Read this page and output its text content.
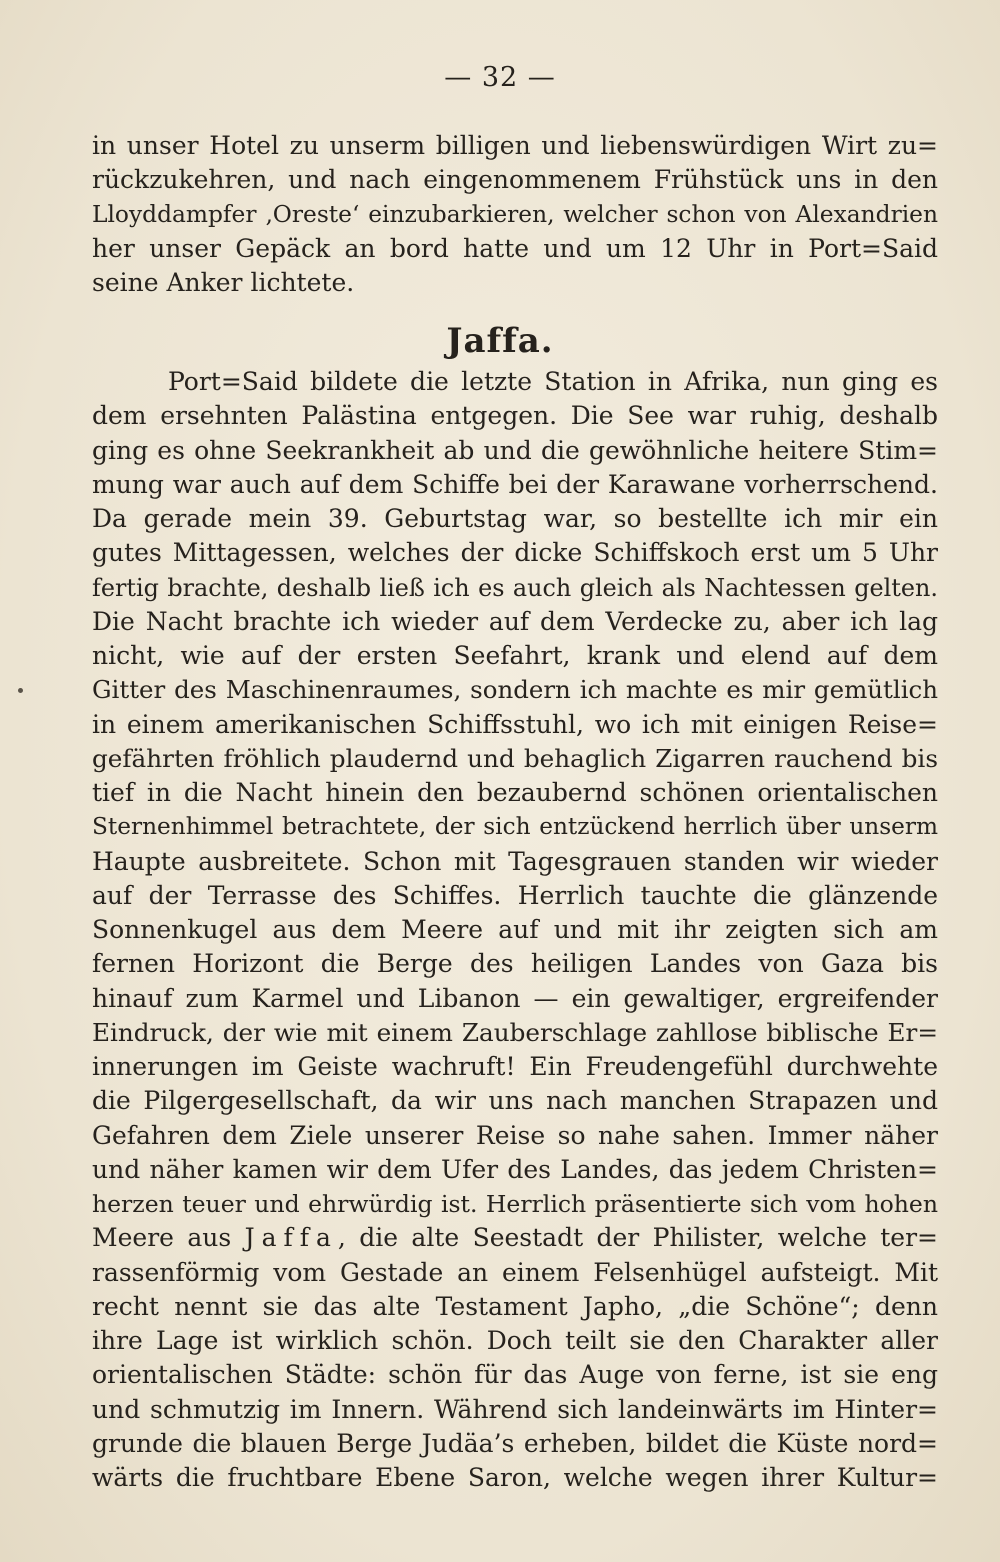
— 32 —
in unser Hotel zu unserm billigen und liebenswürdigen Wirt zu=
rückzukehren, und nach eingenommenem Frühstück uns in den
Lloyddampfer ‚Oreste‘ einzubarkieren, welcher schon von Alexandrien
her unser Gepäck an bord hatte und um 12 Uhr in Port=Said
seine Anker lichtete.
Jaffa.
Port=Said bildete die letzte Station in Afrika, nun ging es
dem ersehnten Palästina entgegen. Die See war ruhig, deshalb
ging es ohne Seekrankheit ab und die gewöhnliche heitere Stim=
mung war auch auf dem Schiffe bei der Karawane vorherrschend.
Da gerade mein 39. Geburtstag war, so bestellte ich mir ein
gutes Mittagessen, welches der dicke Schiffskoch erst um 5 Uhr
fertig brachte, deshalb ließ ich es auch gleich als Nachtessen gelten.
Die Nacht brachte ich wieder auf dem Verdecke zu, aber ich lag
nicht, wie auf der ersten Seefahrt, krank und elend auf dem
Gitter des Maschinenraumes, sondern ich machte es mir gemütlich
in einem amerikanischen Schiffsstuhl, wo ich mit einigen Reise=
gefährten fröhlich plaudernd und behaglich Zigarren rauchend bis
tief in die Nacht hinein den bezaubernd schönen orientalischen
Sternenhimmel betrachtete, der sich entzückend herrlich über unserm
Haupte ausbreitete. Schon mit Tagesgrauen standen wir wieder
auf der Terrasse des Schiffes. Herrlich tauchte die glänzende
Sonnenkugel aus dem Meere auf und mit ihr zeigten sich am
fernen Horizont die Berge des heiligen Landes von Gaza bis
hinauf zum Karmel und Libanon — ein gewaltiger, ergreifender
Eindruck, der wie mit einem Zauberschlage zahllose biblische Er=
innerungen im Geiste wachruft! Ein Freudengefühl durchwehte
die Pilgergesellschaft, da wir uns nach manchen Strapazen und
Gefahren dem Ziele unserer Reise so nahe sahen. Immer näher
und näher kamen wir dem Ufer des Landes, das jedem Christen=
herzen teuer und ehrwürdig ist. Herrlich präsentierte sich vom hohen
Meere aus Jaffa, die alte Seestadt der Philister, welche ter=
rassenförmig vom Gestade an einem Felsenhügel aufsteigt. Mit
recht nennt sie das alte Testament Japho, „die Schöne“; denn
ihre Lage ist wirklich schön. Doch teilt sie den Charakter aller
orientalischen Städte: schön für das Auge von ferne, ist sie eng
und schmutzig im Innern. Während sich landeinwärts im Hinter=
grunde die blauen Berge Judäa’s erheben, bildet die Küste nord=
wärts die fruchtbare Ebene Saron, welche wegen ihrer Kultur=
